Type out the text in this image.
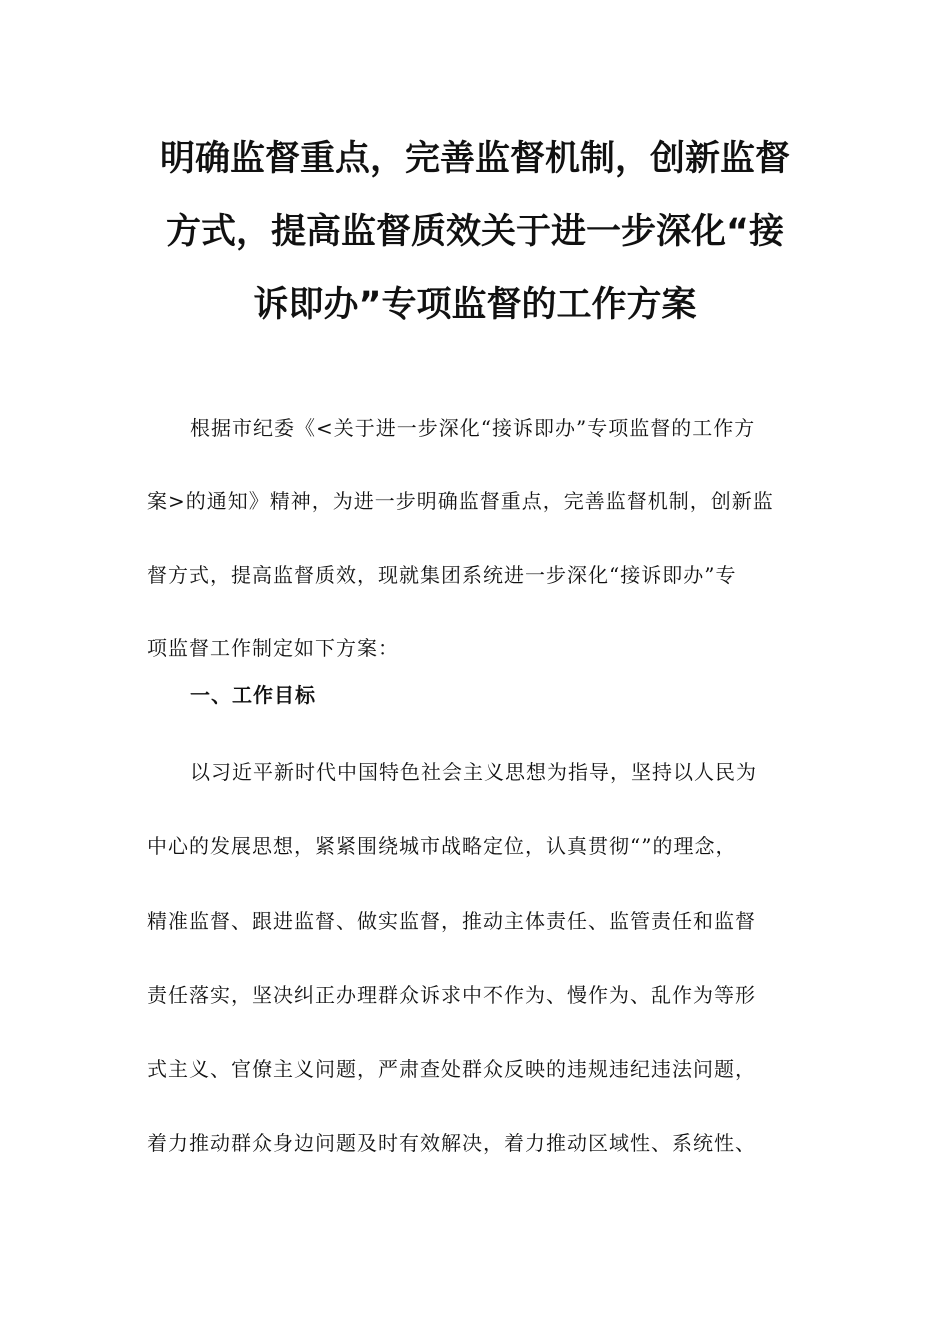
明确监督重点，完善监督机制，创新监督
方式，提高监督质效关于进一步深化“接
诉即办”专项监督的工作方案

根据市纪委《<关于进一步深化“接诉即办”专项监督的工作方
案>的通知》精神，为进一步明确监督重点，完善监督机制，创新监
督方式，提高监督质效，现就集团系统进一步深化“接诉即办”专
项监督工作制定如下方案：

一、工作目标

以习近平新时代中国特色社会主义思想为指导，坚持以人民为
中心的发展思想，紧紧围绕城市战略定位，认真贯彻“”的理念，
精准监督、跟进监督、做实监督，推动主体责任、监管责任和监督
责任落实，坚决纠正办理群众诉求中不作为、慢作为、乱作为等形
式主义、官僚主义问题，严肃查处群众反映的违规违纪违法问题，
着力推动群众身边问题及时有效解决，着力推动区域性、系统性、
